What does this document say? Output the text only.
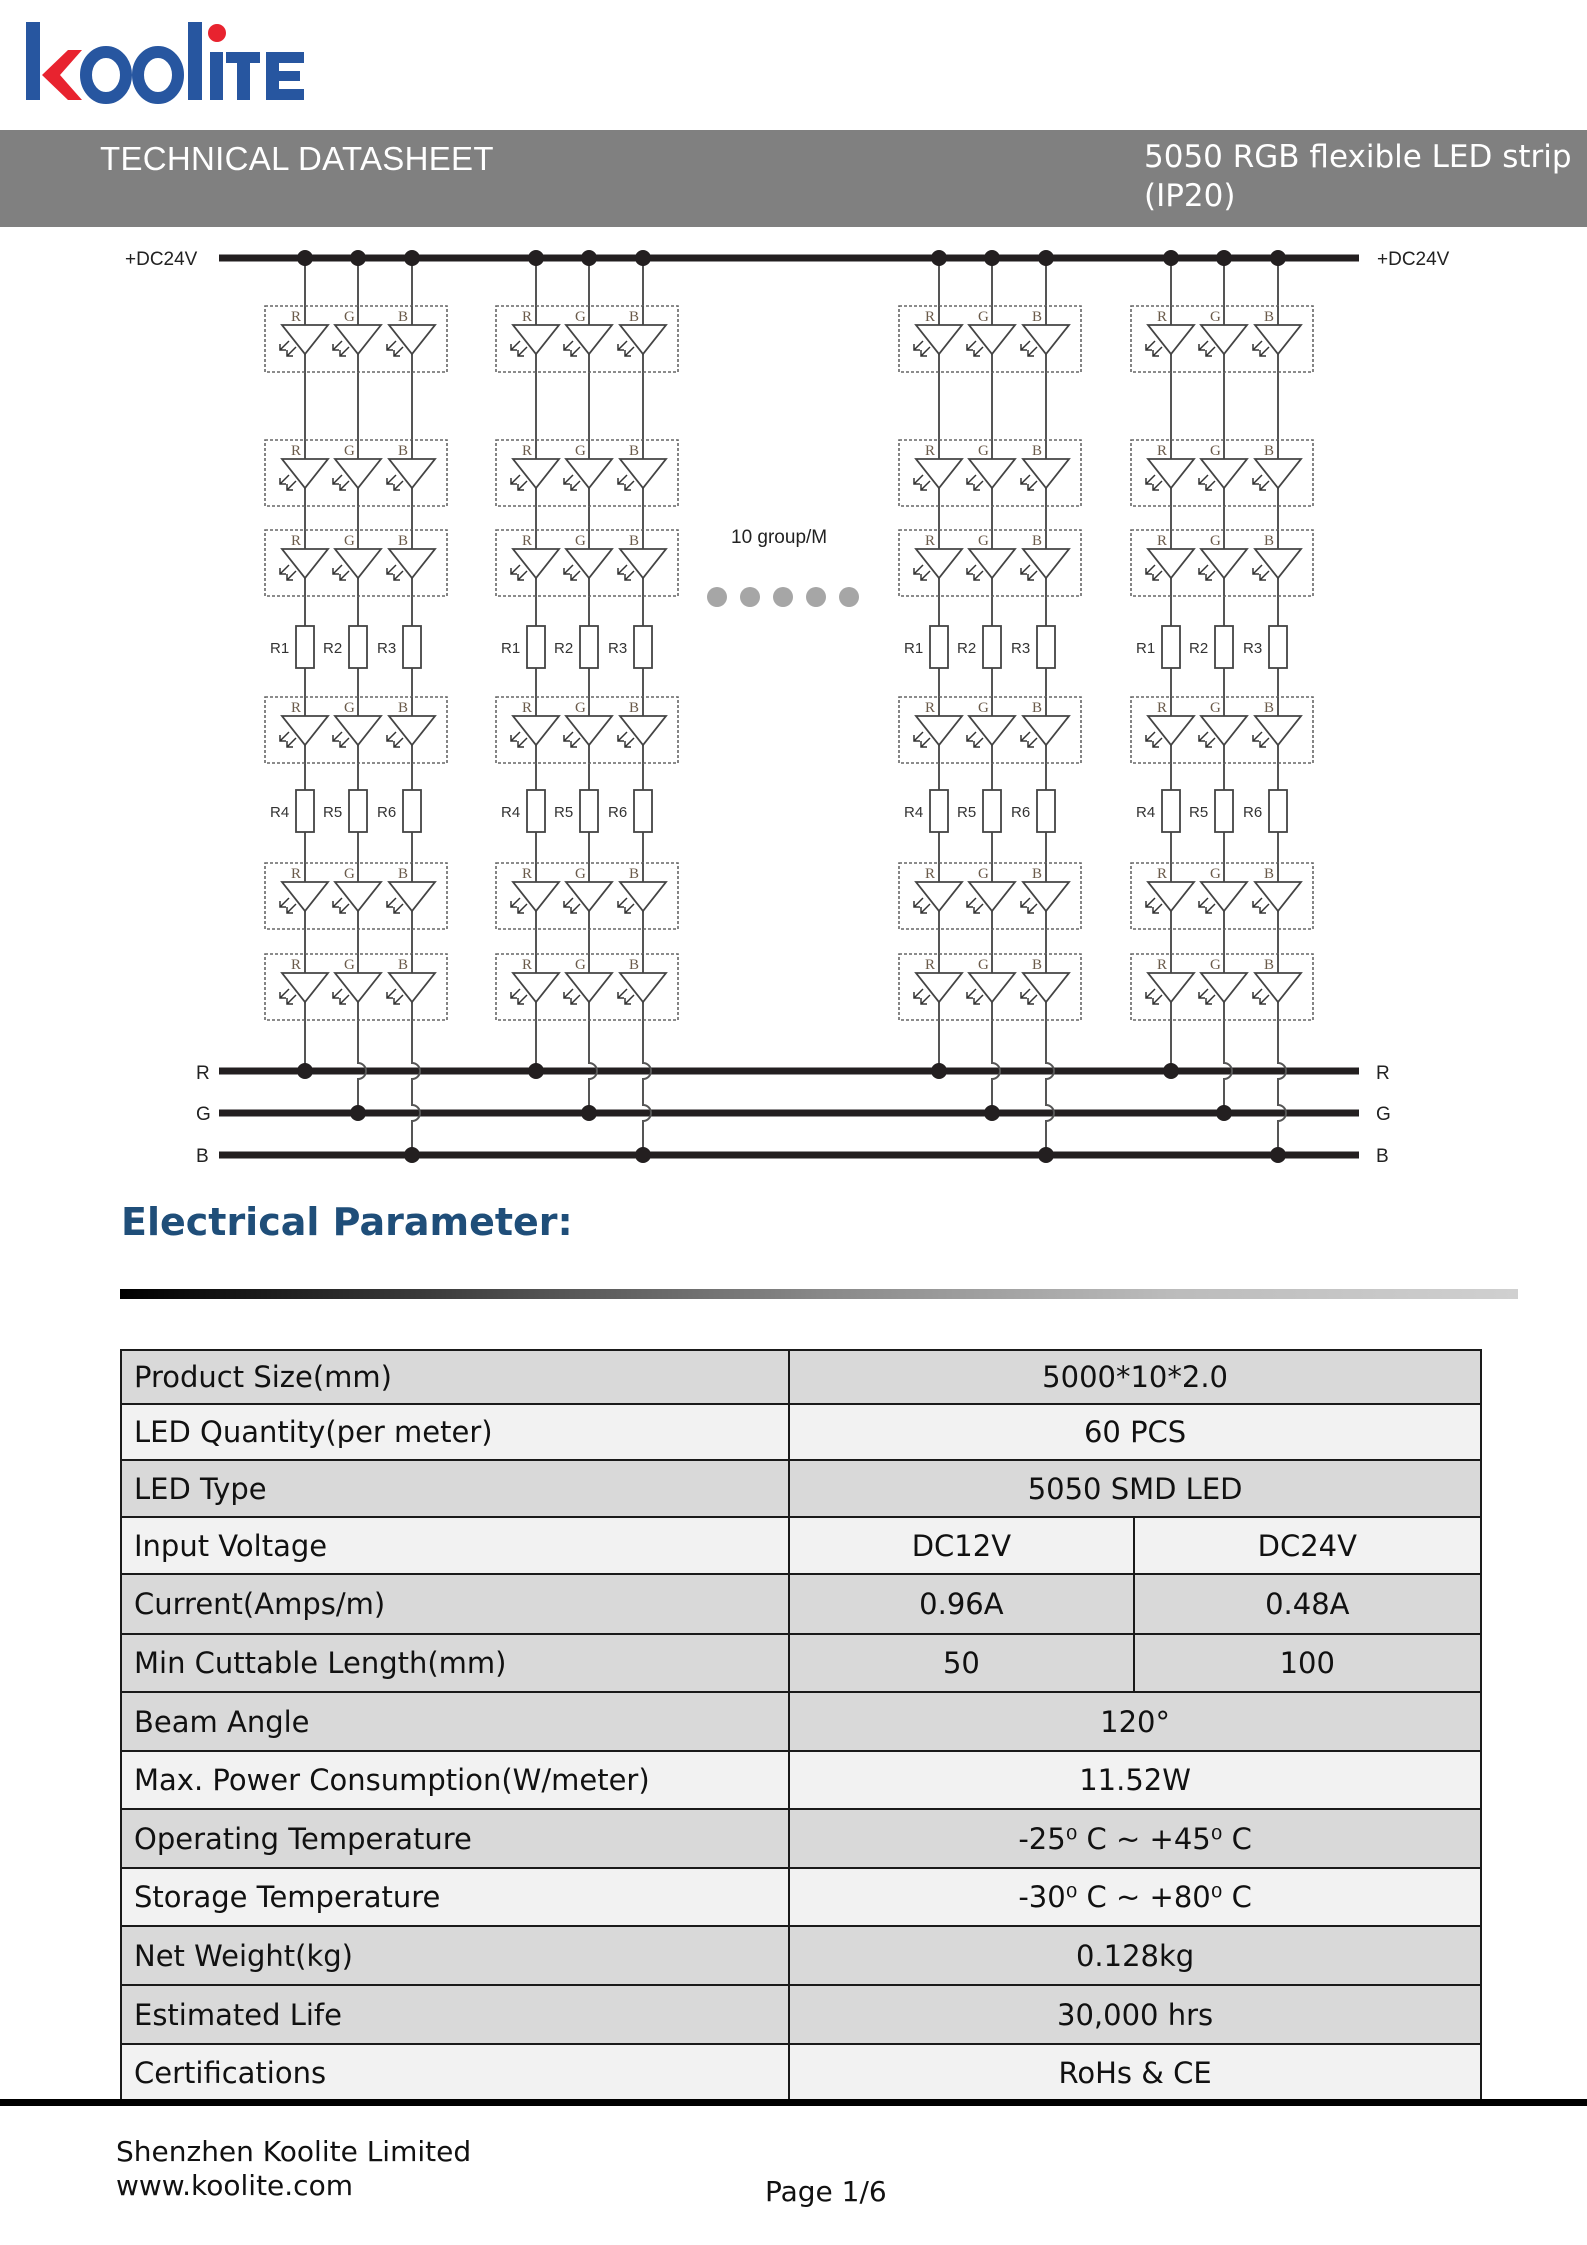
TECHNICAL DATASHEET	5050 RGB flexible LED strip (IP20)
R	G	B
R	G	B
R	G	B
R1 R2 R3
R	G	B
R4 R5 R6
R	G	B
R	G	B
R	G	B
R	G	B
R	G	B
R1 R2 R3
R	G	B
R4 R5 R6
R	G	B
R	G	B
R	G	B
R	G	B
R	G	B
R1 R2 R3
R	G	B
R4 R5 R6
R	G	B
R	G	B
R	G	B
R	G	B
R	G	B
R1 R2 R3
R	G	B
R4 R5 R6
R	G	B
R	G	B
+DC24V	+DC24V
10 group/M
R
G
B
R
G
B
Electrical Parameter:
Product Size(mm)	5000*10*2.0	
LED Quantity(per meter)	60 PCS	
LED Type	5050 SMD LED	
Input Voltage	DC12V	DC24V
Current(Amps/m)	0.96A	0.48A
Min Cuttable Length(mm)	50	100
Beam Angle	120°	
Max. Power Consumption(W/meter)	11.52W	
Operating Temperature	-25⁰ C ~ +45⁰ C	
Storage Temperature	-30⁰ C ~ +80⁰ C	
Net Weight(kg)	0.128kg	
Estimated Life	30,000 hrs	
Certifications	RoHs & CE	
Shenzhen Koolite Limited
www.koolite.com	Page 1/6
